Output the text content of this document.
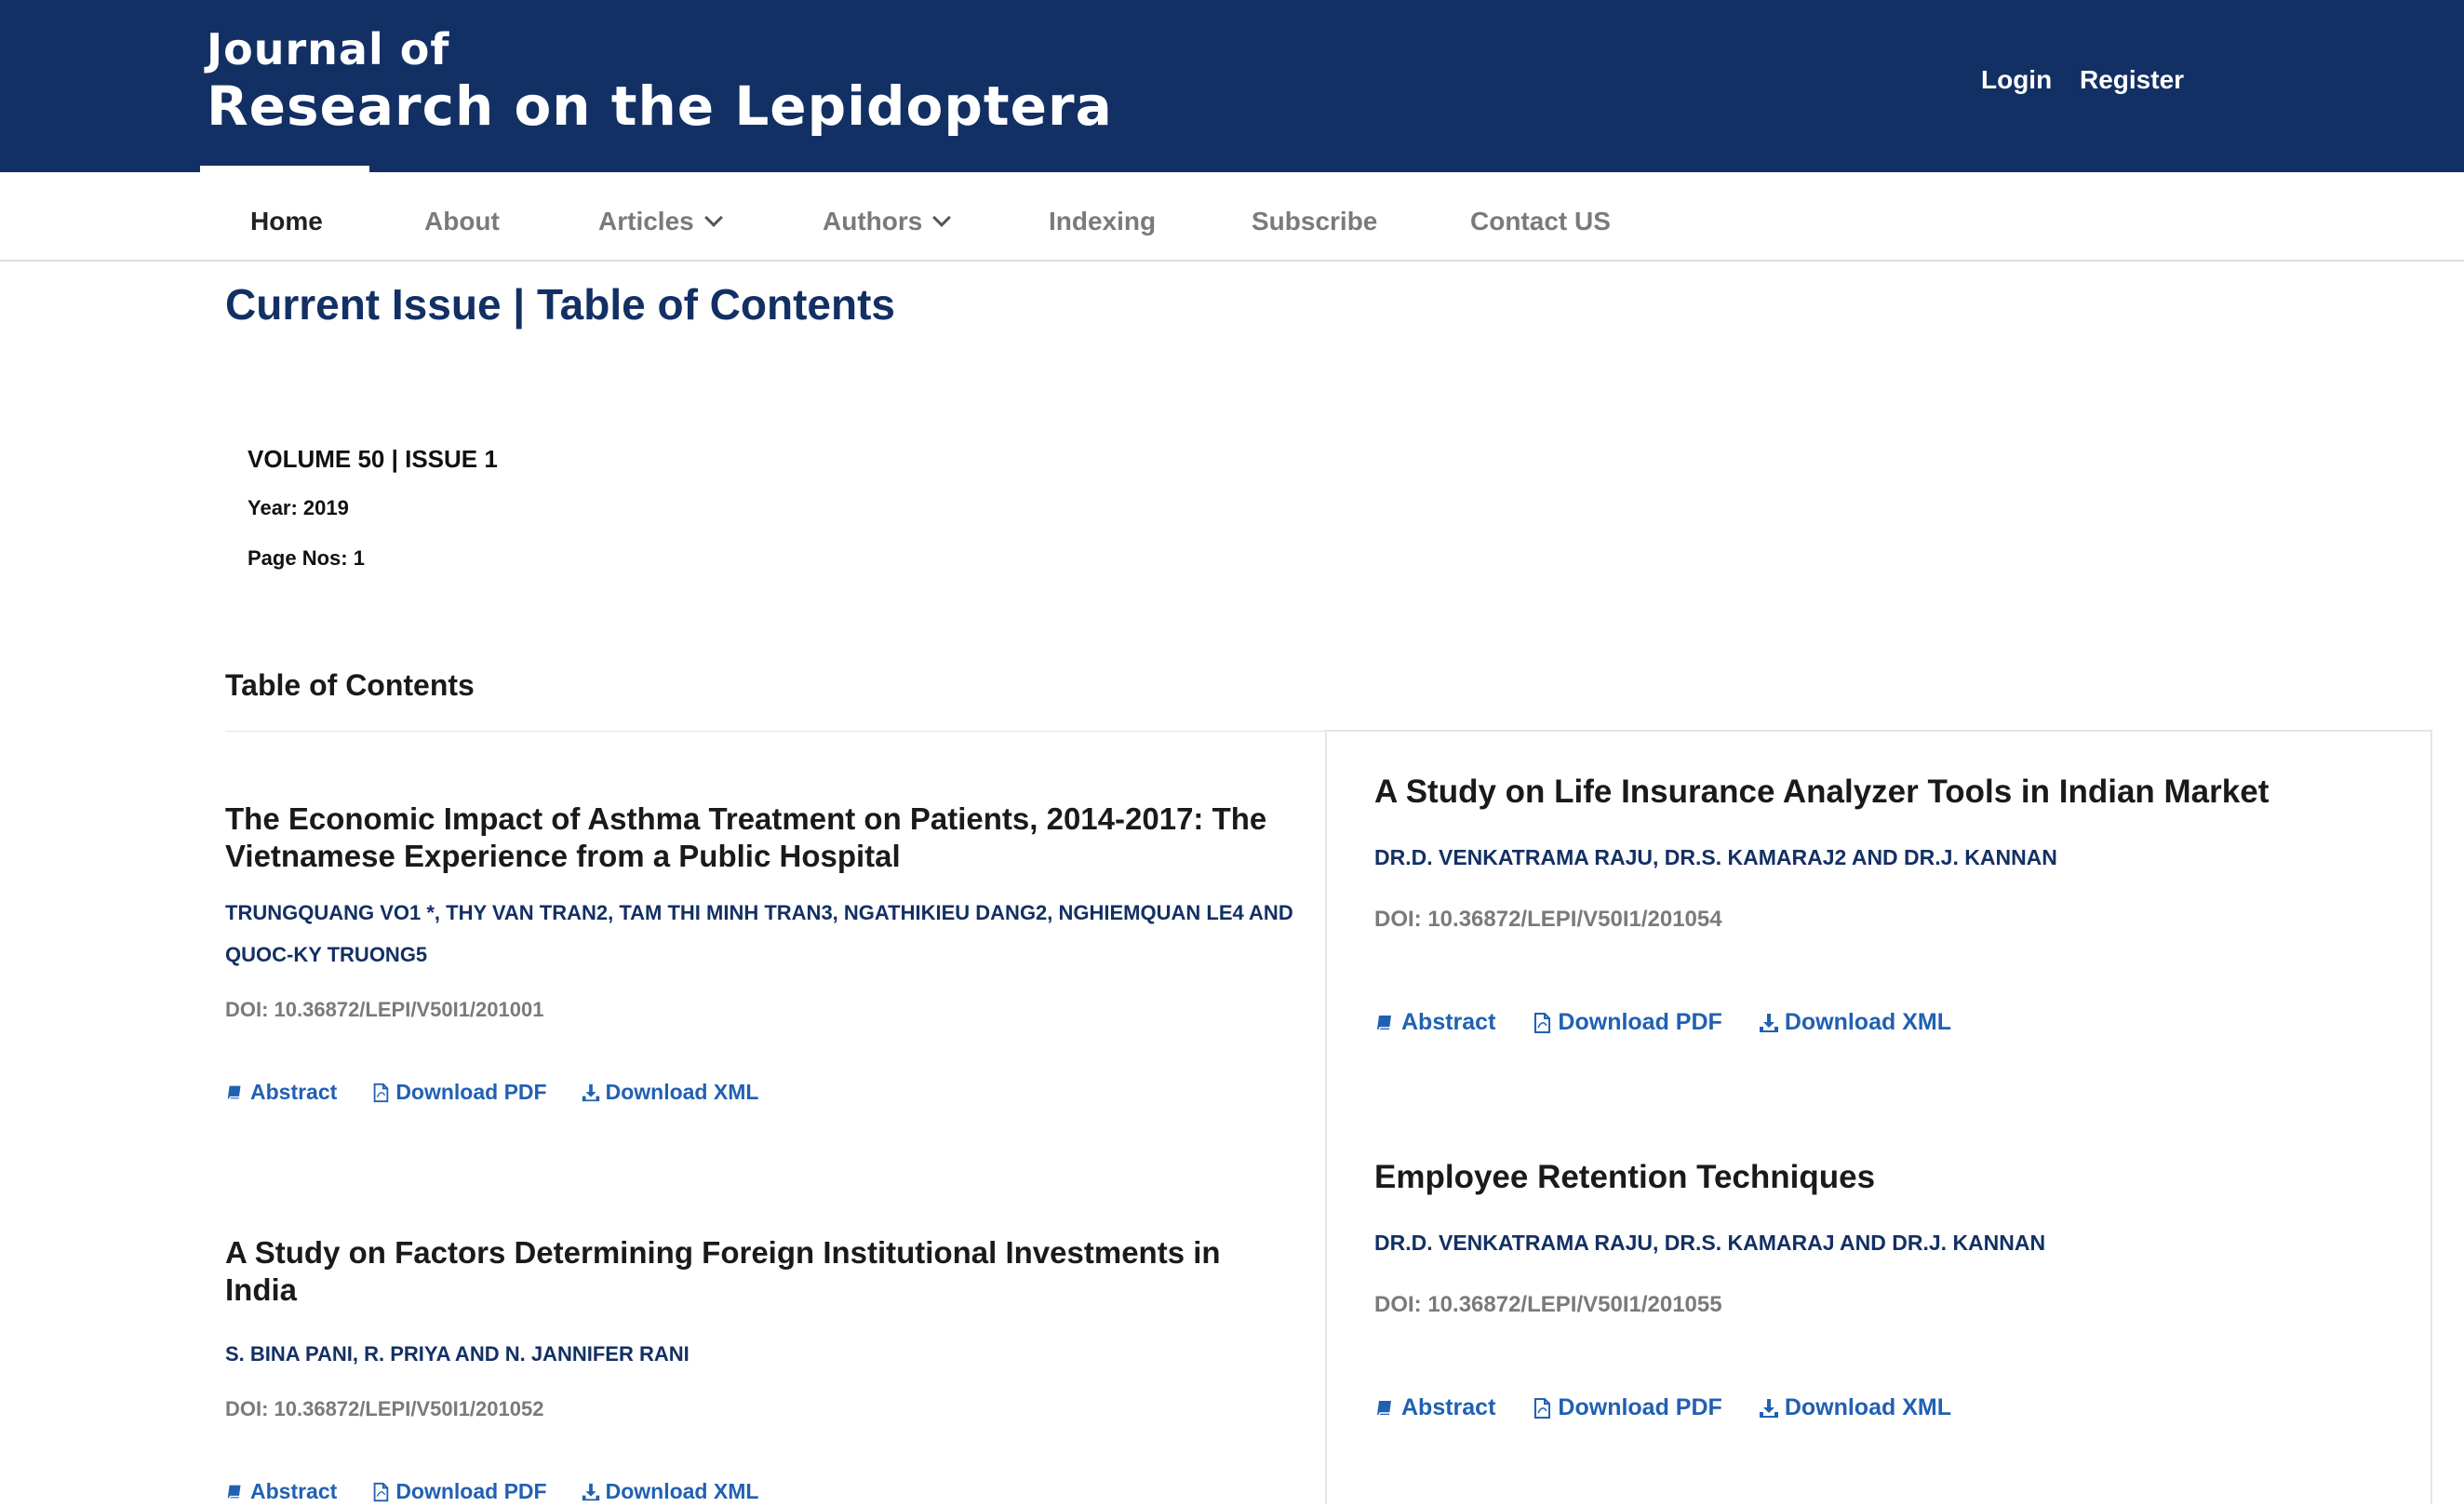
Journal of
Research on the Lepidoptera	Login Register
Home	About	Articles	Authors	Indexing	Subscribe	Contact US
Current Issue | Table of Contents
VOLUME 50 | ISSUE 1
Year: 2019
Page Nos: 1
Table of Contents
The Economic Impact of Asthma Treatment on Patients, 2014-2017: The Vietnamese Experience from a Public Hospital
TRUNGQUANG VO1 *, THY VAN TRAN2, TAM THI MINH TRAN3, NGATHIKIEU DANG2, NGHIEMQUAN LE4 AND QUOC-KY TRUONG5
DOI: 10.36872/LEPI/V50I1/201001
Abstract	Download PDF	Download XML
A Study on Factors Determining Foreign Institutional Investments in India
S. BINA PANI, R. PRIYA AND N. JANNIFER RANI
DOI: 10.36872/LEPI/V50I1/201052
Abstract	Download PDF	Download XML
A Study on Life Insurance Analyzer Tools in Indian Market
DR.D. VENKATRAMA RAJU, DR.S. KAMARAJ2 AND DR.J. KANNAN
DOI: 10.36872/LEPI/V50I1/201054
Abstract	Download PDF	Download XML
Employee Retention Techniques
DR.D. VENKATRAMA RAJU, DR.S. KAMARAJ AND DR.J. KANNAN
DOI: 10.36872/LEPI/V50I1/201055
Abstract	Download PDF	Download XML
